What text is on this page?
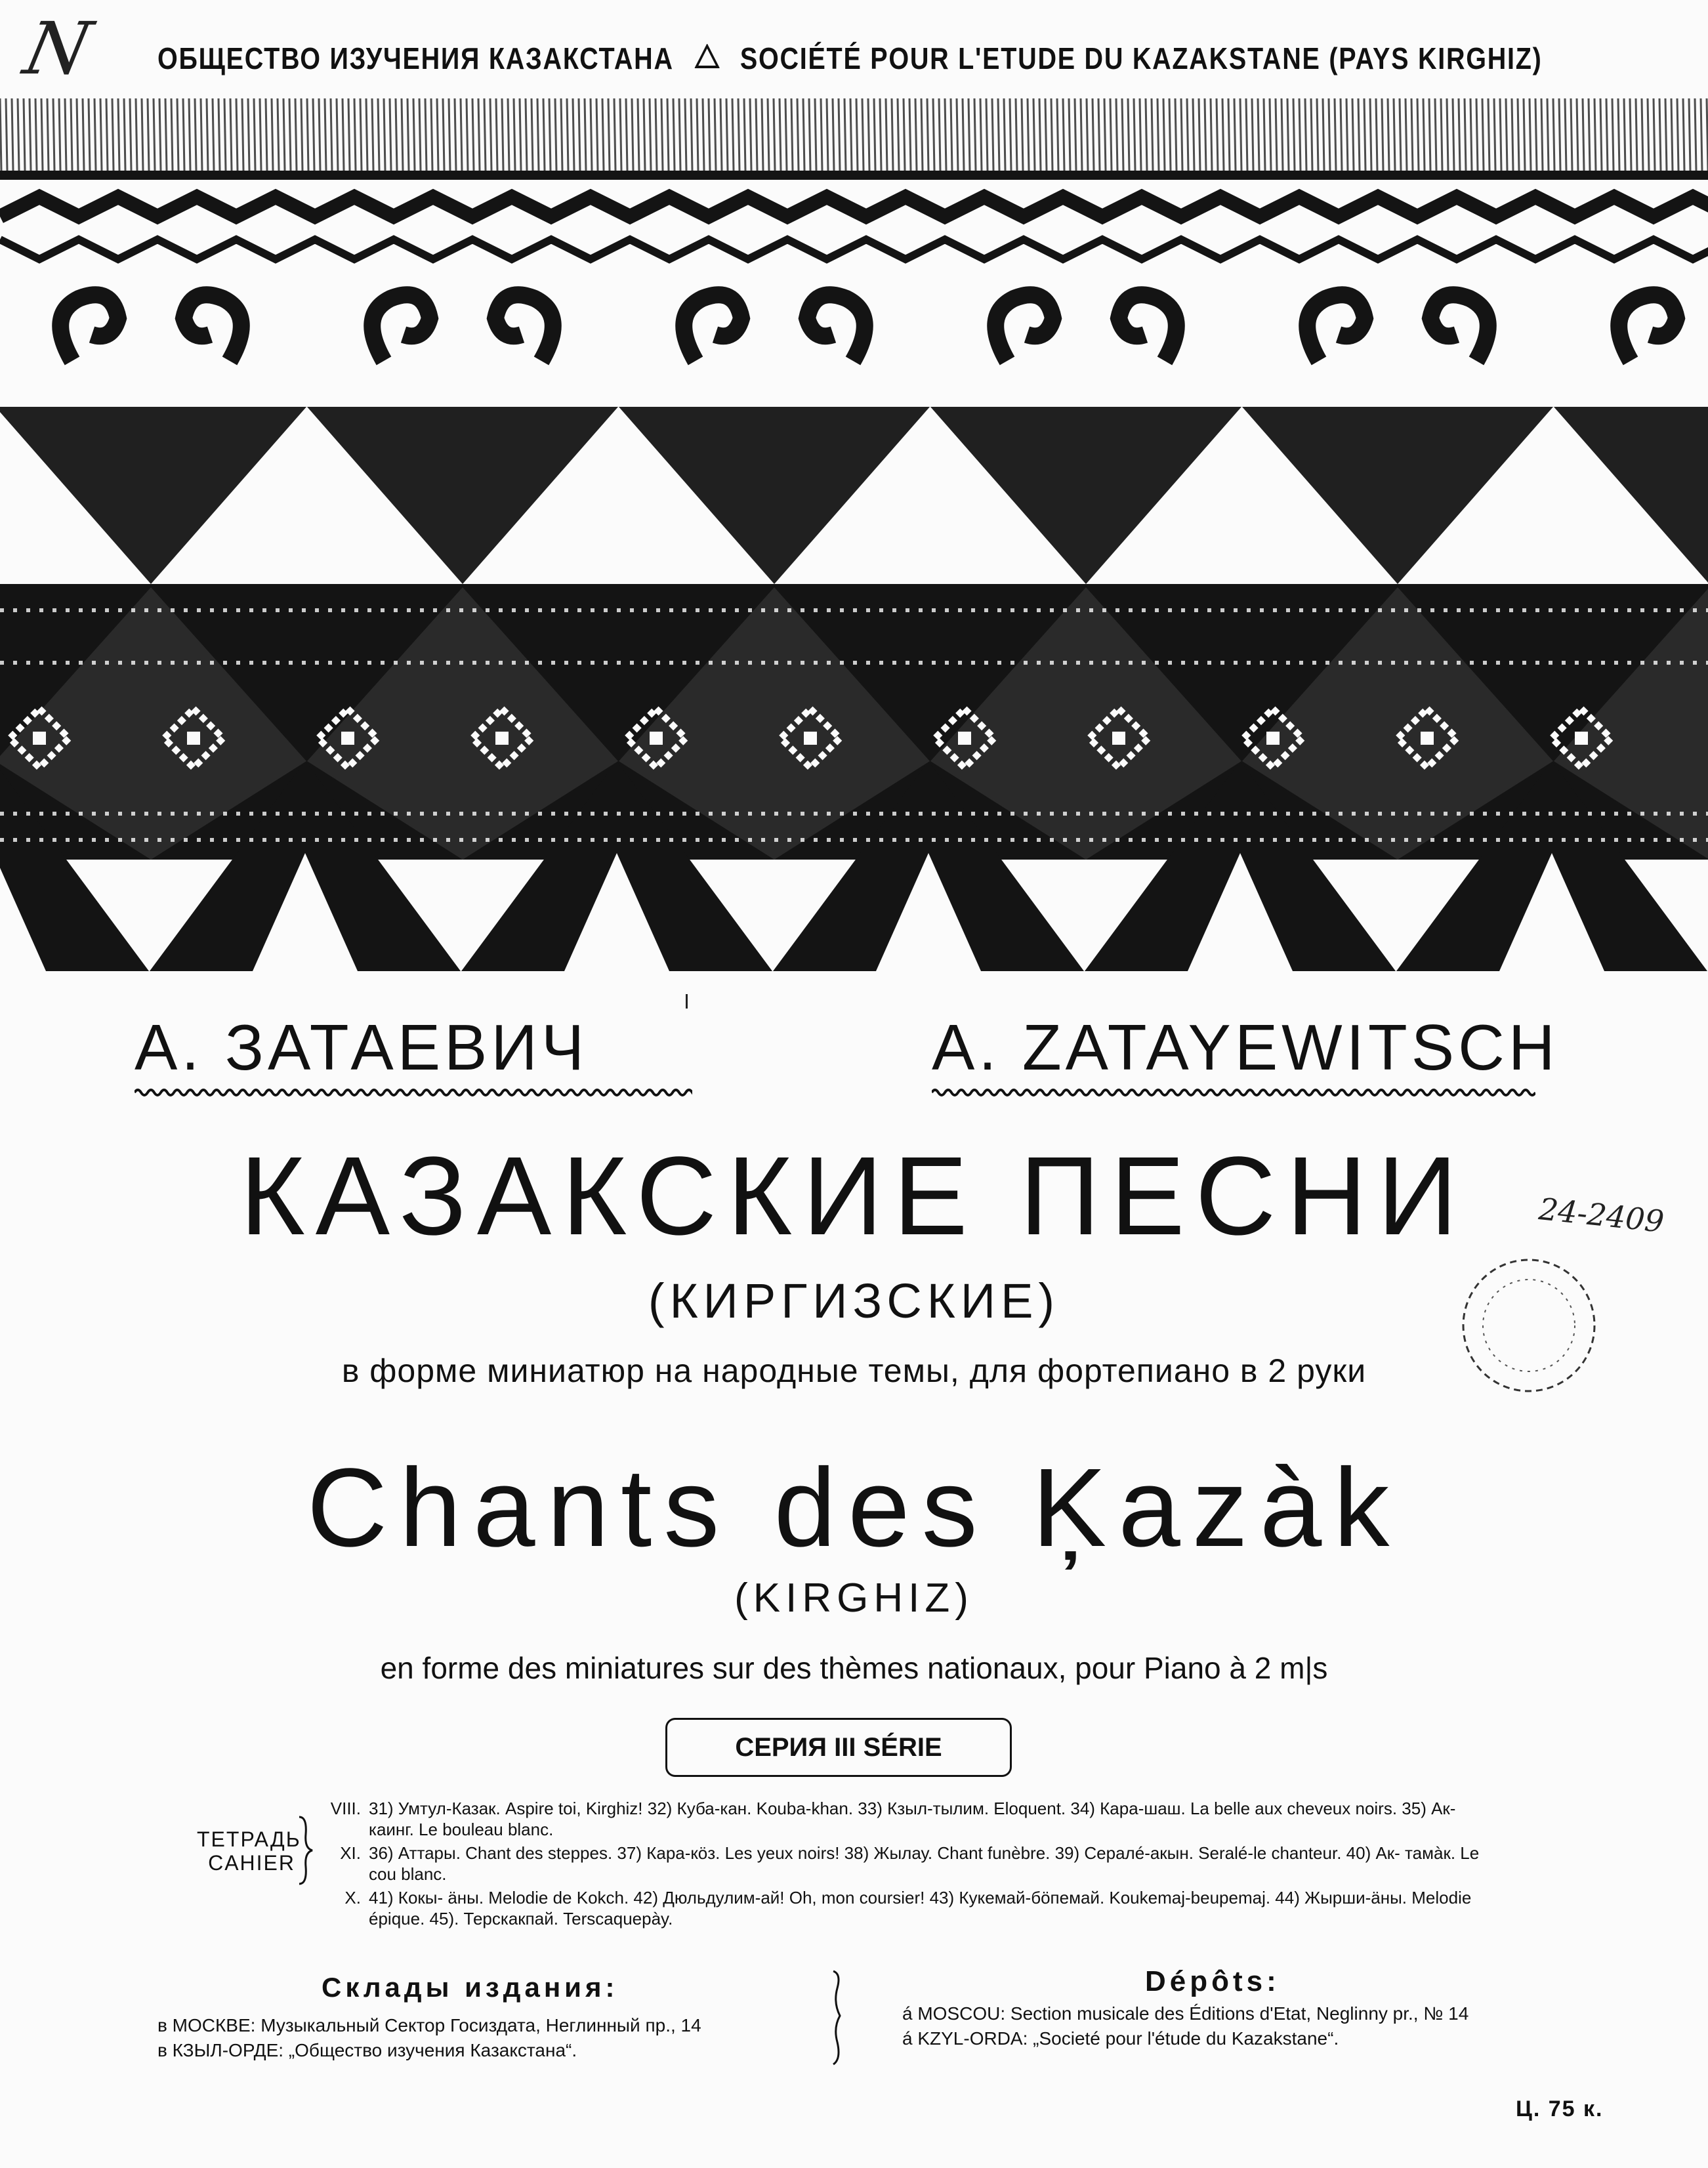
N ОБЩЕСТВО ИЗУЧЕНИЯ КАЗАКСТАНА SOCIÉTÉ POUR L'ETUDE DU KAZAKSTANE (PAYS KIRGHIZ)
А. ЗАТАЕВИЧ	A. ZATAYEWITSCH
КАЗАКСКИЕ ПЕСНИ
(КИРГИЗСКИЕ)
в форме миниатюр на народные темы, для фортепиано в 2 руки
Chants des Ķazàk
(KIRGHIZ)
en forme des miniatures sur des thèmes nationaux, pour Piano à 2 m|s
СЕРИЯ III SÉRIE
ТЕТРАДЬ
CAHIER
VIII. 31) Умтул-Казак. Aspire toi, Kirghiz! 32) Куба-кан. Kouba-khan. 33) Кзыл-тылим. Eloquent. 34) Кара-шаш. La belle aux cheveux noirs. 35) Ак-каинг. Le bouleau blanc.
XI. 36) Аттары. Chant des steppes. 37) Кара-кӧз. Les yeux noirs! 38) Жылау. Chant funèbre. 39) Сералé-акын. Seralé-le chanteur. 40) Ак- тамàк. Le cou blanc.
X. 41) Кокы- äны. Melodie de Kokch. 42) Дюльдулим-ай! Oh, mon coursier! 43) Кукемай-бӧпемай. Koukemaj-beupemaj. 44) Жырши-äны. Melodie épique. 45). Терскакпай. Terscaquepày.
Склады издания:
в МОСКВЕ: Музыкальный Сектор Госиздата, Неглинный пр., 14
в КЗЫЛ-ОРДЕ: „Общество изучения Казакстана“.
Dépôts:
á MOSCOU: Section musicale des Éditions d'Etat, Neglinny pr., № 14
á KZYL-ORDA: „Societé pour l'étude du Kazakstane“.
Ц. 75 к.
24-2409
